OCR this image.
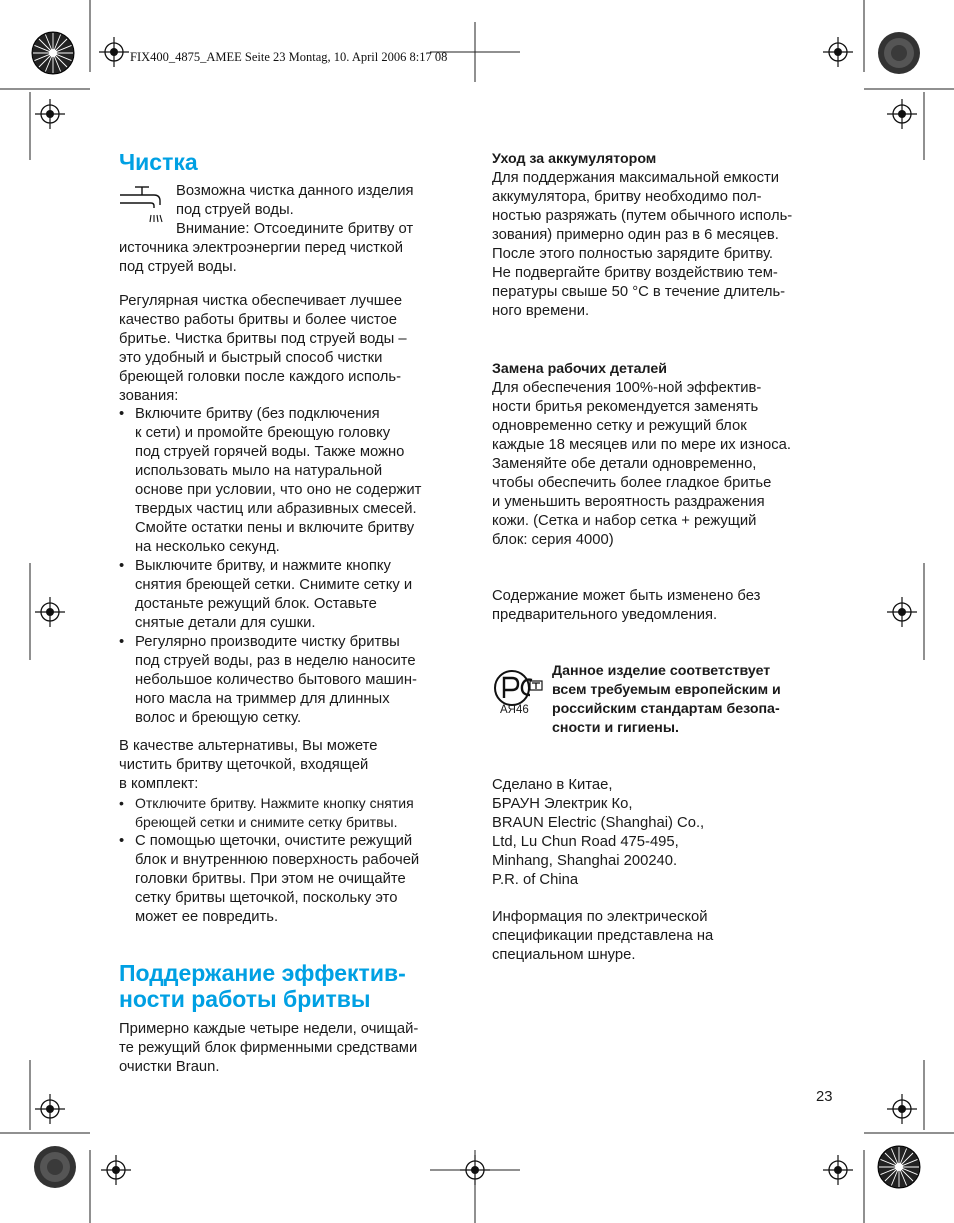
FIX400_4875_AMEE Seite 23 Montag, 10. April 2006 8:17 08
Чистка
Возможна чистка данного изделия
под струей воды.
Внимание: Отсоедините бритву от
источника электроэнергии перед чисткой
под струей воды.
Регулярная чистка обеспечивает лучшее
качество работы бритвы и более чистое
бритье. Чистка бритвы под струей воды –
это удобный и быстрый способ чистки
бреющей головки после каждого исполь-
зования:
• Включите бритву (без подключения
к сети) и промойте бреющую головку
под струей горячей воды. Также можно
использовать мыло на натуральной
основе при условии, что оно не содержит
твердых частиц или абразивных смесей.
Смойте остатки пены и включите бритву
на несколько секунд.
• Выключите бритву, и нажмите кнопку
снятия бреющей сетки. Снимите сетку и
достаньте режущий блок. Оставьте
снятые детали для сушки.
• Регулярно производите чистку бритвы
под струей воды, раз в неделю наносите
небольшое количество бытового машин-
ного масла на триммер для длинных
волос и бреющую сетку.
В качестве альтернативы, Вы можете
чистить бритву щеточкой, входящей
в комплект:
• Отключите бритву. Нажмите кнопку снятия
бреющей сетки и снимите сетку бритвы.
• С помощью щеточки, очистите режущий
блок и внутреннюю поверхность рабочей
головки бритвы. При этом не очищайте
сетку бритвы щеточкой, поскольку это
может ее повредить.
Поддержание эффектив-
ности работы бритвы
Примерно каждые четыре недели, очищай-
те режущий блок фирменными средствами
очистки Braun.
Уход за аккумулятором
Для поддержания максимальной емкости
аккумулятора, бритву необходимо пол-
ностью разряжать (путем обычного исполь-
зования) примерно один раз в 6 месяцев.
После этого полностью зарядите бритву.
Не подвергайте бритву воздействию тем-
пературы свыше 50 °C в течение длитель-
ного времени.
Замена рабочих деталей
Для обеспечения 100%-ной эффектив-
ности бритья рекомендуется заменять
одновременно сетку и режущий блок
каждые 18 месяцев или по мере их износа.
Заменяйте обе детали одновременно,
чтобы обеспечить более гладкое бритье
и уменьшить вероятность раздражения
кожи. (Сетка и набор сетка + режущий
блок: серия 4000)
Содержание может быть изменено без
предварительного уведомления.
АЯ46
Данное изделие соответствует
всем требуемым европейским и
российским стандартам безопа-
сности и гигиены.
Сделано в Китае,
БРАУН Электрик Ко,
BRAUN Electric (Shanghai) Co.,
Ltd, Lu Chun Road 475-495,
Minhang, Shanghai 200240.
P.R. of China
Информация по электрической
спецификации представлена на
специальном шнуре.
23
